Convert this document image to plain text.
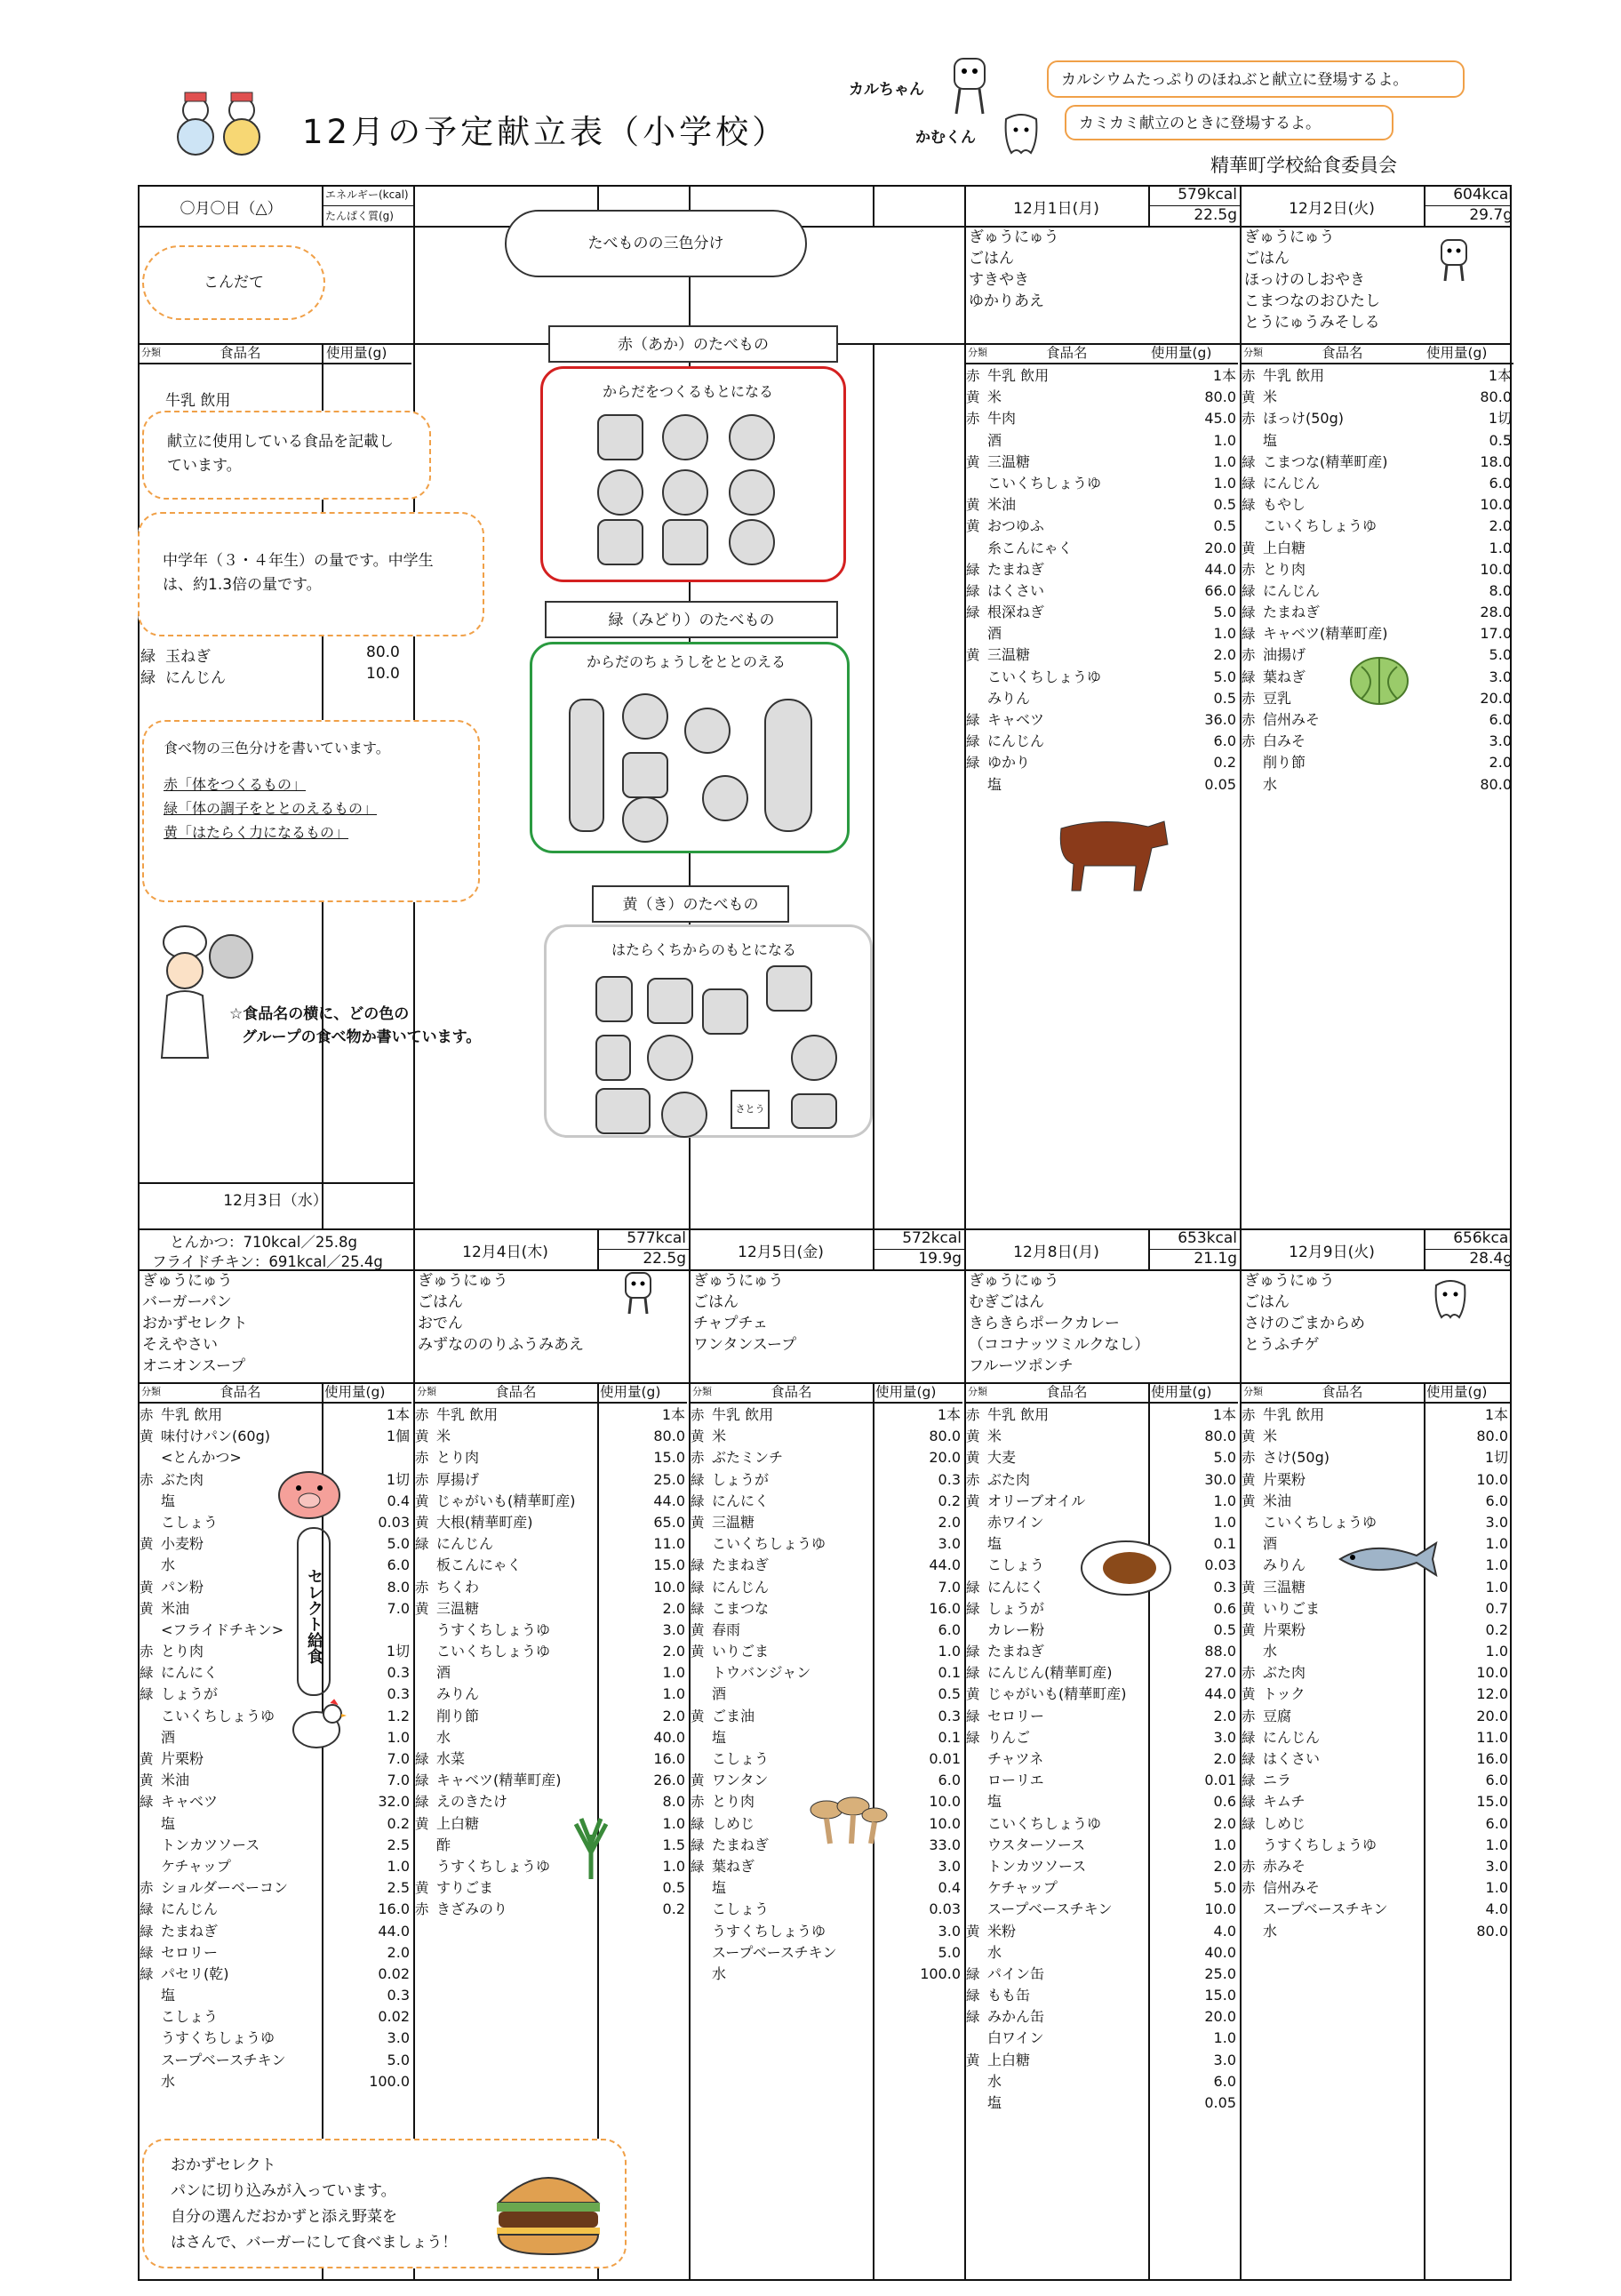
12月の予定献立表（小学校）
カルちゃん
カルシウムたっぷりのほねぶと献立に登場するよ。
かむくん
カミカミ献立のときに登場するよ。
精華町学校給食委員会
〇月〇日（△）
エネルギー(kcal)
たんぱく質(g)
こんだて
分類	食品名	使用量(g)
牛乳 飲用
献立に使用している食品を記載しています。
中学年（３・４年生）の量です。中学生は、約1.3倍の量です。
緑 玉ねぎ	80.0
緑 にんじん	10.0
食べ物の三色分けを書いています。
赤「体をつくるもの」
緑「体の調子をととのえるもの」
黄「はたらく力になるもの」
☆食品名の横に、どの色の
グループの食べ物か書いています。
たべものの三色分け
赤（あか）のたべもの
からだをつくるもとになる
緑（みどり）のたべもの
からだのちょうしをととのえる
黄（き）のたべもの
はたらくちからのもとになる
さとう
12月3日（水）
12月1日(月)
579kcal
22.5g
ぎゅうにゅう
ごはん
すきやき
ゆかりあえ
分類	食品名	使用量(g)
赤 牛乳 飲用	1本
黄 米	80.0
赤 牛肉	45.0
酒	1.0
黄 三温糖	1.0
こいくちしょうゆ	1.0
黄 米油	0.5
黄 おつゆふ	0.5
糸こんにゃく	20.0
緑 たまねぎ	44.0
緑 はくさい	66.0
緑 根深ねぎ	5.0
酒	1.0
黄 三温糖	2.0
こいくちしょうゆ	5.0
みりん	0.5
緑 キャベツ	36.0
緑 にんじん	6.0
緑 ゆかり	0.2
塩	0.05
12月2日(火)
604kcal
29.7g
ぎゅうにゅう
ごはん
ほっけのしおやき
こまつなのおひたし
とうにゅうみそしる
分類	食品名	使用量(g)
赤 牛乳 飲用	1本
黄 米	80.0
赤 ほっけ(50g)	1切
塩	0.5
緑 こまつな(精華町産)	18.0
緑 にんじん	6.0
緑 もやし	10.0
こいくちしょうゆ	2.0
黄 上白糖	1.0
赤 とり肉	10.0
緑 にんじん	8.0
緑 たまねぎ	28.0
緑 キャベツ(精華町産)	17.0
赤 油揚げ	5.0
緑 葉ねぎ	3.0
赤 豆乳	20.0
赤 信州みそ	6.0
赤 白みそ	3.0
削り節	2.0
水	80.0
とんかつ：710kcal／25.8g
フライドチキン：691kcal／25.4g
ぎゅうにゅう
バーガーパン
おかずセレクト
そえやさい
オニオンスープ
分類	食品名	使用量(g)
赤 牛乳 飲用	1本
黄 味付けパン(60g)	1個
<とんかつ>
赤 ぶた肉	1切
塩	0.4
こしょう	0.03
黄 小麦粉	5.0
水	6.0
黄 パン粉	8.0
黄 米油	7.0
<フライドチキン>
赤 とり肉	1切
緑 にんにく	0.3
緑 しょうが	0.3
こいくちしょうゆ	1.2
酒	1.0
黄 片栗粉	7.0
黄 米油	7.0
緑 キャベツ	32.0
塩	0.2
トンカツソース	2.5
ケチャップ	1.0
赤 ショルダーベーコン	2.5
緑 にんじん	16.0
緑 たまねぎ	44.0
緑 セロリー	2.0
緑 パセリ(乾)	0.02
塩	0.3
こしょう	0.02
うすくちしょうゆ	3.0
スープベースチキン	5.0
水	100.0
12月4日(木)
577kcal
22.5g
ぎゅうにゅう
ごはん
おでん
みずなののりふうみあえ
分類	食品名	使用量(g)
赤 牛乳 飲用	1本
黄 米	80.0
赤 とり肉	15.0
赤 厚揚げ	25.0
黄 じゃがいも(精華町産)	44.0
黄 大根(精華町産)	65.0
緑 にんじん	11.0
板こんにゃく	15.0
赤 ちくわ	10.0
黄 三温糖	2.0
うすくちしょうゆ	3.0
こいくちしょうゆ	2.0
酒	1.0
みりん	1.0
削り節	2.0
水	40.0
緑 水菜	16.0
緑 キャベツ(精華町産)	26.0
緑 えのきたけ	8.0
黄 上白糖	1.0
酢	1.5
うすくちしょうゆ	1.0
黄 すりごま	0.5
赤 きざみのり	0.2
12月5日(金)
572kcal
19.9g
ぎゅうにゅう
ごはん
チャプチェ
ワンタンスープ
分類	食品名	使用量(g)
赤 牛乳 飲用	1本
黄 米	80.0
赤 ぶたミンチ	20.0
緑 しょうが	0.3
緑 にんにく	0.2
黄 三温糖	2.0
こいくちしょうゆ	3.0
緑 たまねぎ	44.0
緑 にんじん	7.0
緑 こまつな	16.0
黄 春雨	6.0
黄 いりごま	1.0
トウバンジャン	0.1
酒	0.5
黄 ごま油	0.3
塩	0.1
こしょう	0.01
黄 ワンタン	6.0
赤 とり肉	10.0
緑 しめじ	10.0
緑 たまねぎ	33.0
緑 葉ねぎ	3.0
塩	0.4
こしょう	0.03
うすくちしょうゆ	3.0
スープベースチキン	5.0
水	100.0
12月8日(月)
653kcal
21.1g
ぎゅうにゅう
むぎごはん
きらきらポークカレー
（ココナッツミルクなし）
フルーツポンチ
分類	食品名	使用量(g)
赤 牛乳 飲用	1本
黄 米	80.0
黄 大麦	5.0
赤 ぶた肉	30.0
黄 オリーブオイル	1.0
赤ワイン	1.0
塩	0.1
こしょう	0.03
緑 にんにく	0.3
緑 しょうが	0.6
カレー粉	0.5
緑 たまねぎ	88.0
緑 にんじん(精華町産)	27.0
黄 じゃがいも(精華町産)	44.0
緑 セロリー	2.0
緑 りんご	3.0
チャツネ	2.0
ローリエ	0.01
塩	0.6
こいくちしょうゆ	2.0
ウスターソース	1.0
トンカツソース	2.0
ケチャップ	5.0
スープベースチキン	10.0
黄 米粉	4.0
水	40.0
緑 パイン缶	25.0
緑 もも缶	15.0
緑 みかん缶	20.0
白ワイン	1.0
黄 上白糖	3.0
水	6.0
塩	0.05
12月9日(火)
656kcal
28.4g
ぎゅうにゅう
ごはん
さけのごまからめ
とうふチゲ
分類	食品名	使用量(g)
赤 牛乳 飲用	1本
黄 米	80.0
赤 さけ(50g)	1切
黄 片栗粉	10.0
黄 米油	6.0
こいくちしょうゆ	3.0
酒	1.0
みりん	1.0
黄 三温糖	1.0
黄 いりごま	0.7
黄 片栗粉	0.2
水	1.0
赤 ぶた肉	10.0
黄 トック	12.0
赤 豆腐	20.0
緑 にんじん	11.0
緑 はくさい	16.0
緑 ニラ	6.0
緑 キムチ	15.0
緑 しめじ	6.0
うすくちしょうゆ	1.0
赤 赤みそ	3.0
赤 信州みそ	1.0
スープベースチキン	4.0
水	80.0
セレクト給食
おかずセレクト
パンに切り込みが入っています。
自分の選んだおかずと添え野菜を
はさんで、バーガーにして食べましょう！
